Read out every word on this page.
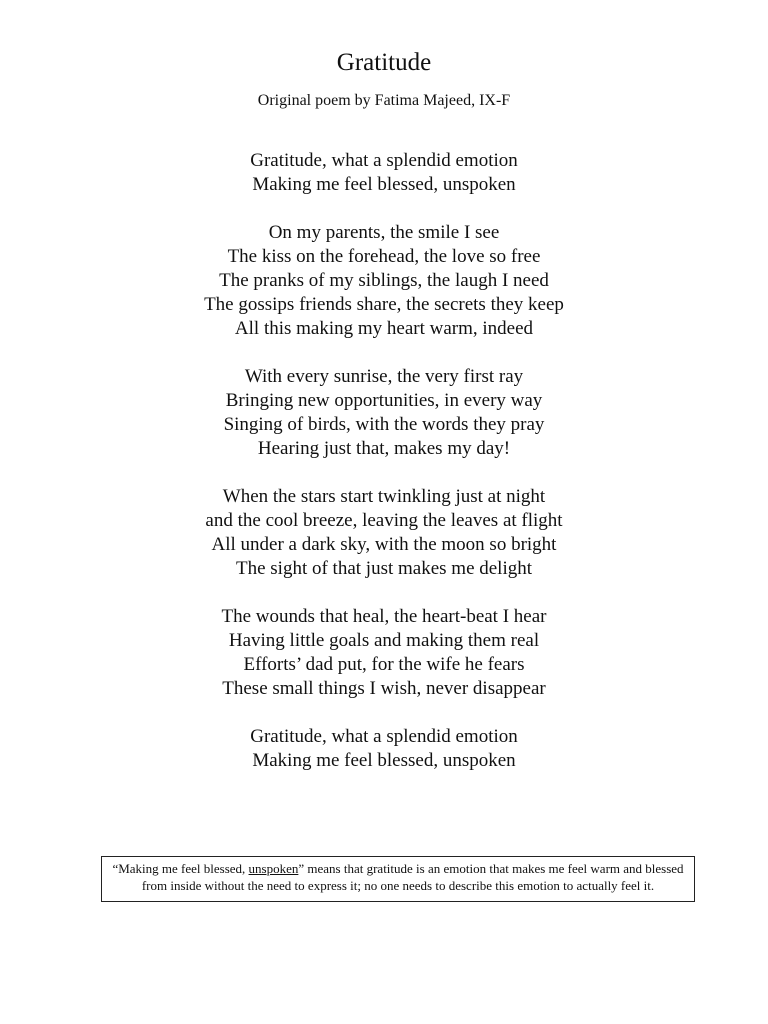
Gratitude
Original poem by Fatima Majeed, IX-F
Gratitude, what a splendid emotion
Making me feel blessed, unspoken
On my parents, the smile I see
The kiss on the forehead, the love so free
The pranks of my siblings, the laugh I need
The gossips friends share, the secrets they keep
All this making my heart warm, indeed
With every sunrise, the very first ray
Bringing new opportunities, in every way
Singing of birds, with the words they pray
Hearing just that, makes my day!
When the stars start twinkling just at night
and the cool breeze, leaving the leaves at flight
All under a dark sky, with the moon so bright
The sight of that just makes me delight
The wounds that heal, the heart-beat I hear
Having little goals and making them real
Efforts’ dad put, for the wife he fears
These small things I wish, never disappear
Gratitude, what a splendid emotion
Making me feel blessed, unspoken
“Making me feel blessed, unspoken” means that gratitude is an emotion that makes me feel warm and blessed from inside without the need to express it; no one needs to describe this emotion to actually feel it.
